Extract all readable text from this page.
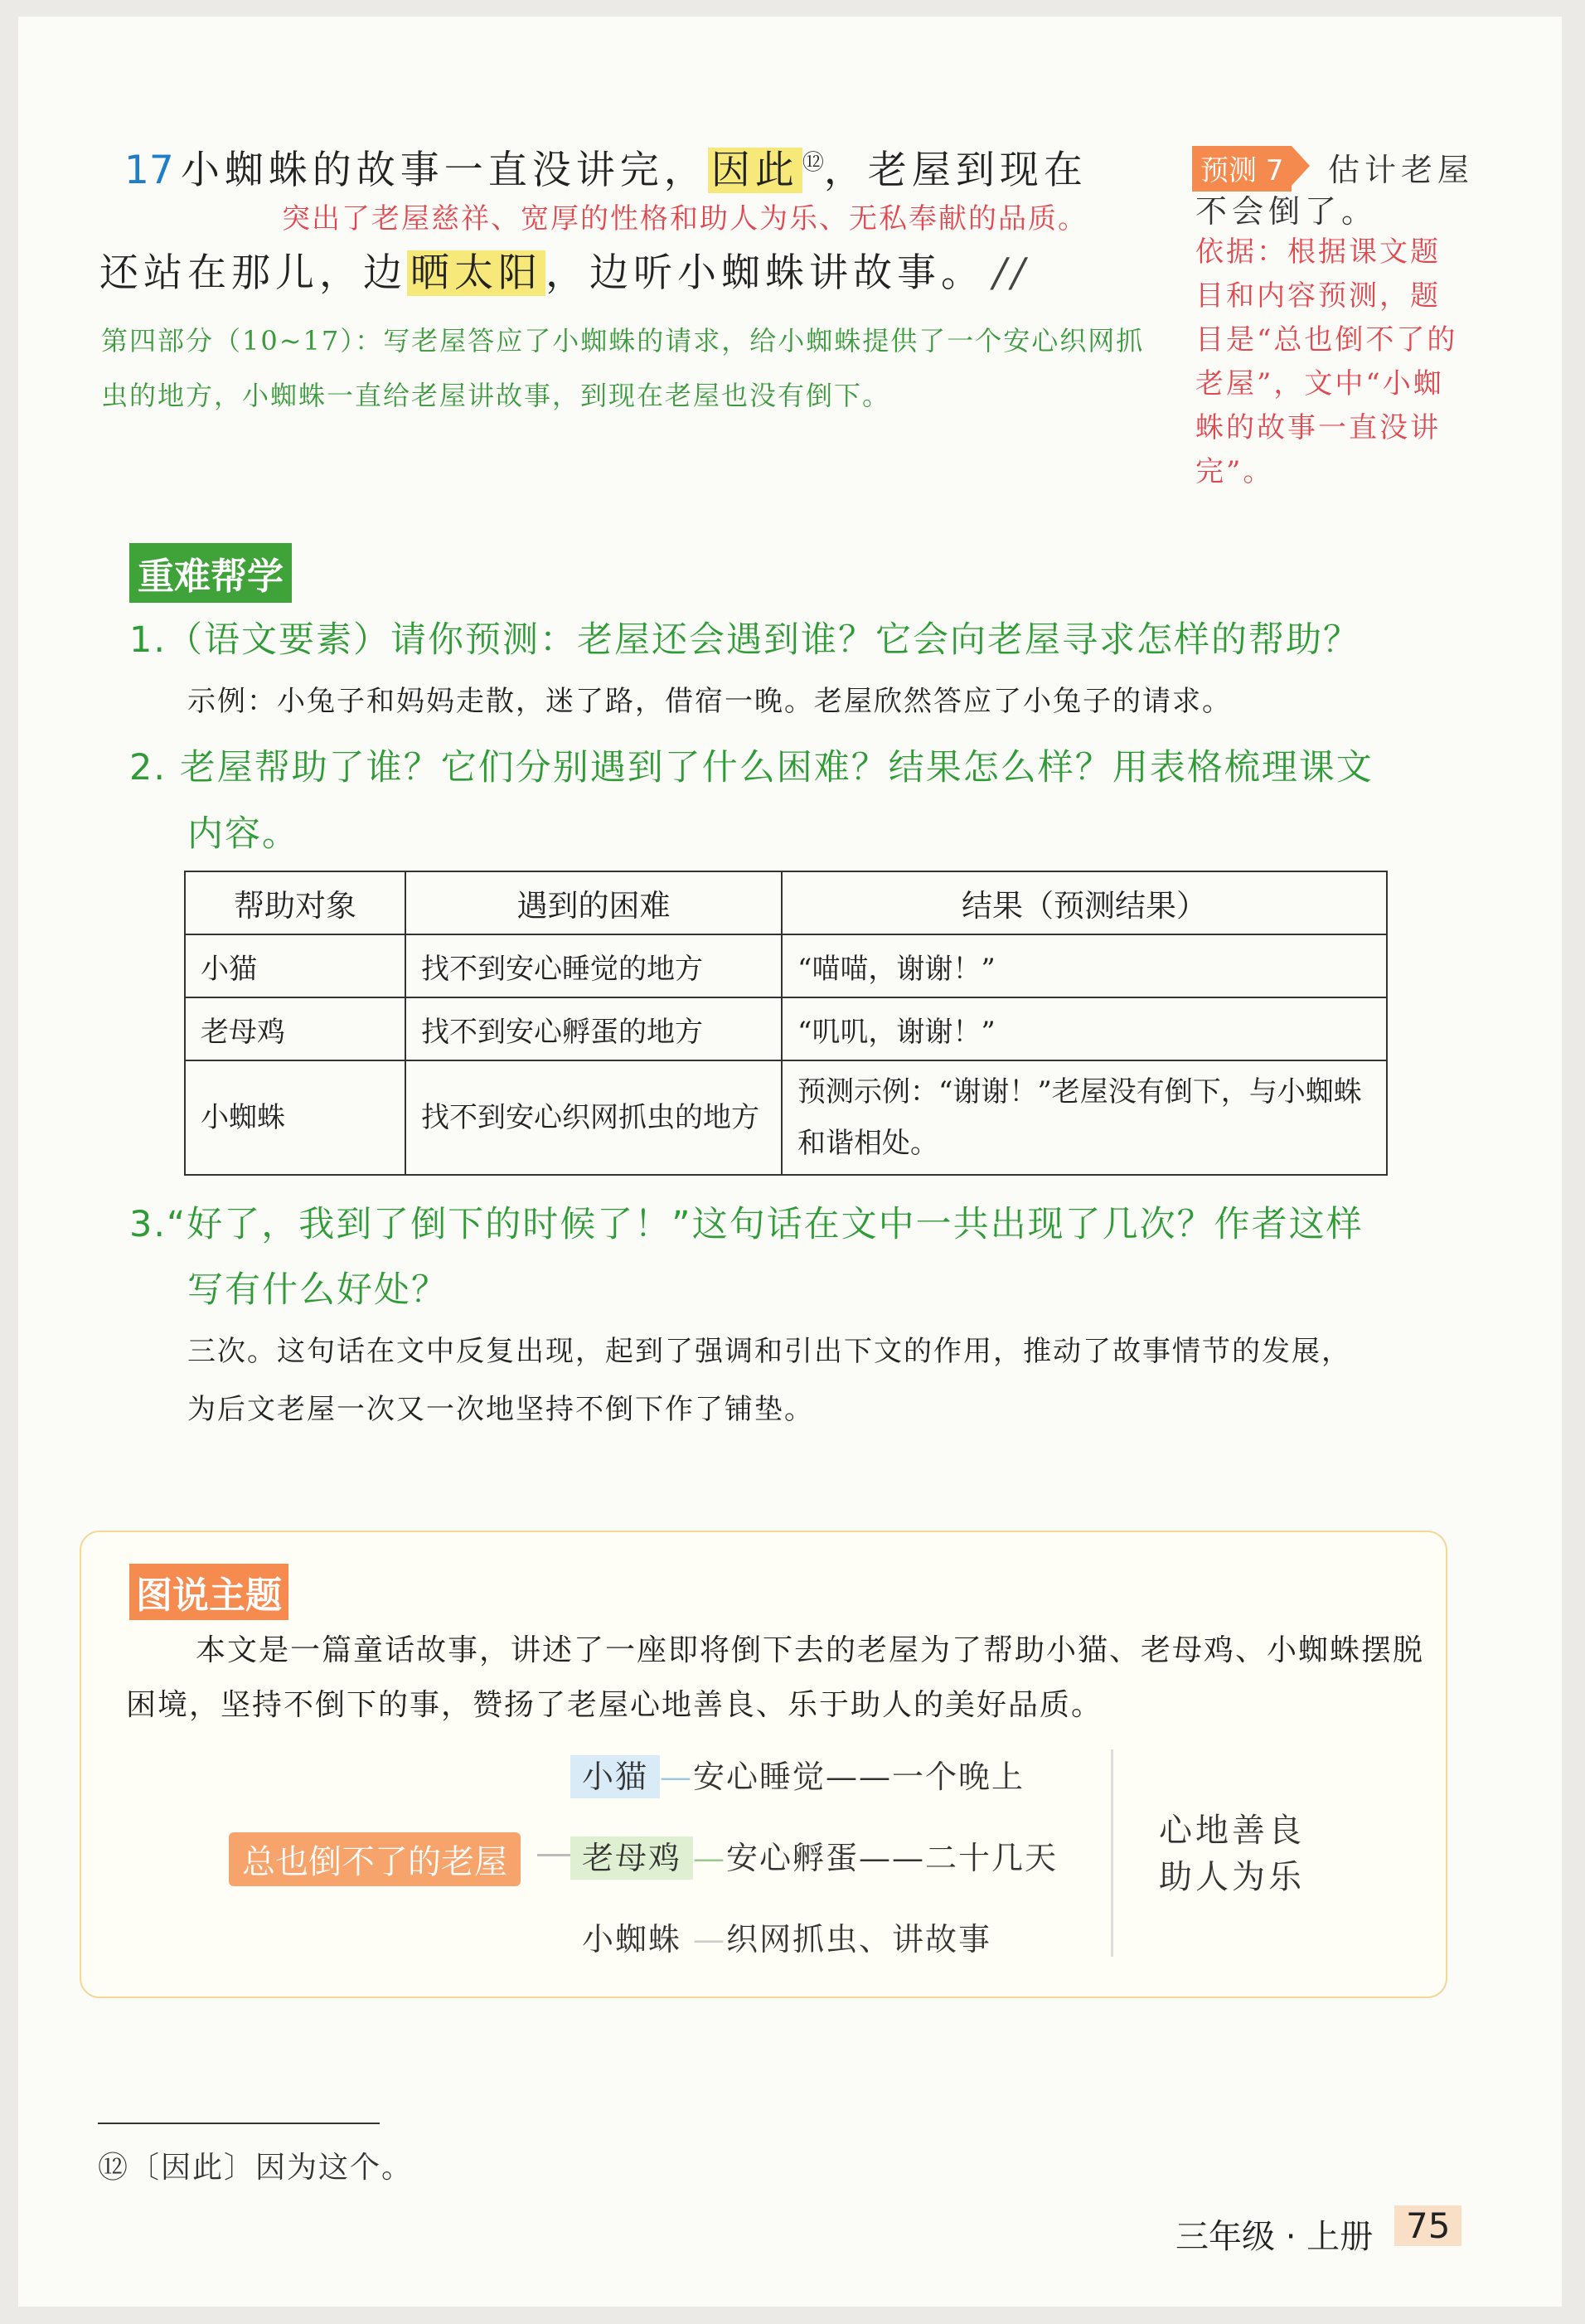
17 小蜘蛛的故事一直没讲完，因此 ⑫，老屋到现在
突出了老屋慈祥、宽厚的性格和助人为乐、无私奉献的品质。
还站在那儿，边晒太阳，边听小蜘蛛讲故事。 //
第四部分（10~17）：写老屋答应了小蜘蛛的请求，给小蜘蛛提供了一个安心织网抓虫的地方，小蜘蛛一直给老屋讲故事，到现在老屋也没有倒下。
预测 7 估计老屋
不会倒了。
依据：根据课文题目和内容预测，题目是“总也倒不了的老屋”，文中“小蜘蛛的故事一直没讲完”。
重难帮学
1.（语文要素）请你预测：老屋还会遇到谁？它会向老屋寻求怎样的帮助？
示例：小兔子和妈妈走散，迷了路，借宿一晚。老屋欣然答应了小兔子的请求。
2. 老屋帮助了谁？它们分别遇到了什么困难？结果怎么样？用表格梳理课文
内容。
帮助对象	遇到的困难	结果（预测结果）
小猫	找不到安心睡觉的地方	“喵喵，谢谢！”
老母鸡	找不到安心孵蛋的地方	“叽叽，谢谢！”
小蜘蛛	找不到安心织网抓虫的地方	预测示例：“谢谢！”老屋没有倒下，与小蜘蛛和谐相处。
3.“好了，我到了倒下的时候了！”这句话在文中一共出现了几次？作者这样
写有什么好处？
三次。这句话在文中反复出现，起到了强调和引出下文的作用，推动了故事情节的发展，
为后文老屋一次又一次地坚持不倒下作了铺垫。
图说主题
本文是一篇童话故事，讲述了一座即将倒下去的老屋为了帮助小猫、老母鸡、小蜘蛛摆脱困境，坚持不倒下的事，赞扬了老屋心地善良、乐于助人的美好品质。
总也倒不了的老屋
小猫 —安心睡觉——一个晚上
老母鸡 —安心孵蛋——二十几天
小蜘蛛 —织网抓虫、讲故事
心地善良
助人为乐
⑫〔因此〕因为这个。
三年级 · 上册 75
